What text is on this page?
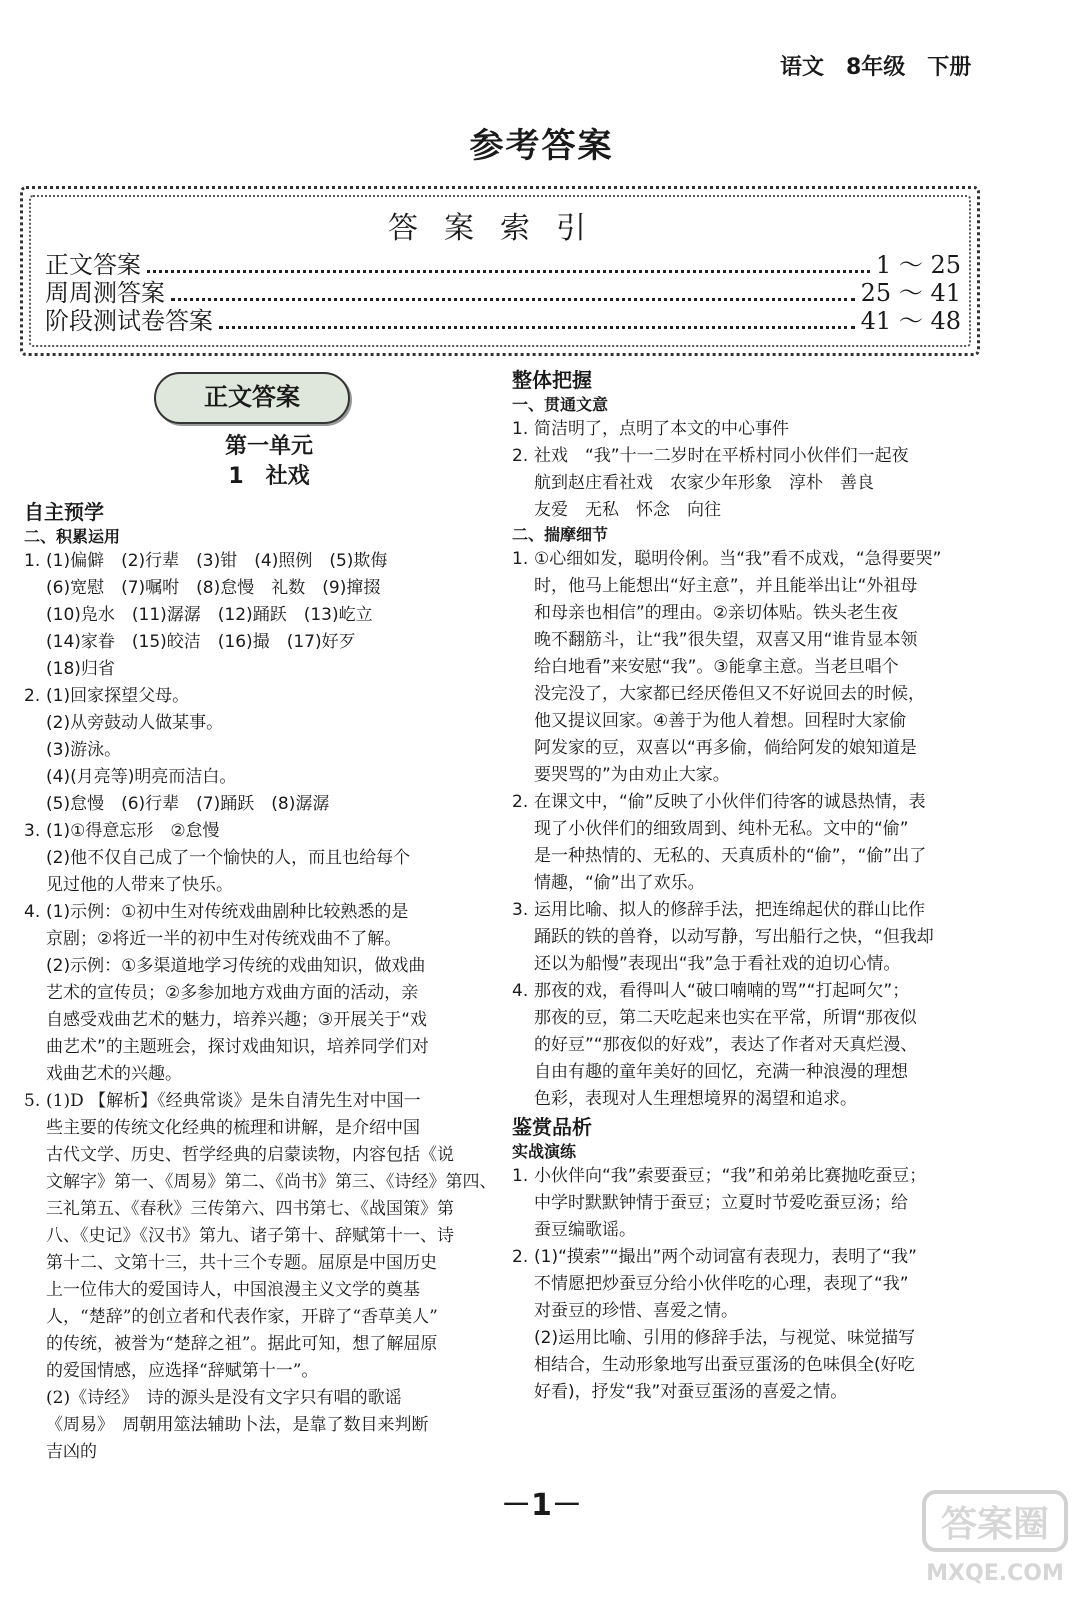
语文　8年级　下册
参考答案
答案索引
正文答案	1 ～ 25
周周测答案	25 ～ 41
阶段测试卷答案	41 ～ 48
正文答案
第一单元
1　社戏
自主预学
二、积累运用
1. (1)偏僻　(2)行辈　(3)钳　(4)照例　(5)欺侮
(6)宽慰　(7)嘱咐　(8)怠慢　礼数　(9)撺掇
(10)凫水　(11)潺潺　(12)踊跃　(13)屹立
(14)家眷　(15)皎洁　(16)撮　(17)好歹
(18)归省
2. (1)回家探望父母。
(2)从旁鼓动人做某事。
(3)游泳。
(4)(月亮等)明亮而洁白。
(5)怠慢　(6)行辈　(7)踊跃　(8)潺潺
3. (1)①得意忘形　②怠慢
(2)他不仅自己成了一个愉快的人，而且也给每个
见过他的人带来了快乐。
4. (1)示例：①初中生对传统戏曲剧种比较熟悉的是
京剧；②将近一半的初中生对传统戏曲不了解。
(2)示例：①多渠道地学习传统的戏曲知识，做戏曲
艺术的宣传员；②多参加地方戏曲方面的活动，亲
自感受戏曲艺术的魅力，培养兴趣；③开展关于“戏
曲艺术”的主题班会，探讨戏曲知识，培养同学们对
戏曲艺术的兴趣。
5. (1)D 【解析】《经典常谈》是朱自清先生对中国一
些主要的传统文化经典的梳理和讲解，是介绍中国
古代文学、历史、哲学经典的启蒙读物，内容包括《说
文解字》第一、《周易》第二、《尚书》第三、《诗经》第四、
三礼第五、《春秋》三传第六、四书第七、《战国策》第
八、《史记》《汉书》第九、诸子第十、辞赋第十一、诗
第十二、文第十三，共十三个专题。屈原是中国历史
上一位伟大的爱国诗人，中国浪漫主义文学的奠基
人，“楚辞”的创立者和代表作家，开辟了“香草美人”
的传统，被誉为“楚辞之祖”。据此可知，想了解屈原
的爱国情感，应选择“辞赋第十一”。
(2)《诗经》　诗的源头是没有文字只有唱的歌谣
《周易》　周朝用筮法辅助卜法，是靠了数目来判断
吉凶的
整体把握
一、贯通文意
1. 简洁明了，点明了本文的中心事件
2. 社戏　“我”十一二岁时在平桥村同小伙伴们一起夜
航到赵庄看社戏　农家少年形象　淳朴　善良
友爱　无私　怀念　向往
二、揣摩细节
1. ①心细如发，聪明伶俐。当“我”看不成戏，“急得要哭”
时，他马上能想出“好主意”，并且能举出让“外祖母
和母亲也相信”的理由。②亲切体贴。铁头老生夜
晚不翻筋斗，让“我”很失望，双喜又用“谁肯显本领
给白地看”来安慰“我”。③能拿主意。当老旦唱个
没完没了，大家都已经厌倦但又不好说回去的时候，
他又提议回家。④善于为他人着想。回程时大家偷
阿发家的豆，双喜以“再多偷，倘给阿发的娘知道是
要哭骂的”为由劝止大家。
2. 在课文中，“偷”反映了小伙伴们待客的诚恳热情，表
现了小伙伴们的细致周到、纯朴无私。文中的“偷”
是一种热情的、无私的、天真质朴的“偷”，“偷”出了
情趣，“偷”出了欢乐。
3. 运用比喻、拟人的修辞手法，把连绵起伏的群山比作
踊跃的铁的兽脊，以动写静，写出船行之快，“但我却
还以为船慢”表现出“我”急于看社戏的迫切心情。
4. 那夜的戏，看得叫人“破口喃喃的骂”“打起呵欠”；
那夜的豆，第二天吃起来也实在平常，所谓“那夜似
的好豆”“那夜似的好戏”，表达了作者对天真烂漫、
自由有趣的童年美好的回忆，充满一种浪漫的理想
色彩，表现对人生理想境界的渴望和追求。
鉴赏品析
实战演练
1. 小伙伴向“我”索要蚕豆；“我”和弟弟比赛抛吃蚕豆；
中学时默默钟情于蚕豆；立夏时节爱吃蚕豆汤；给
蚕豆编歌谣。
2. (1)“摸索”“撮出”两个动词富有表现力，表明了“我”
不情愿把炒蚕豆分给小伙伴吃的心理，表现了“我”
对蚕豆的珍惜、喜爱之情。
(2)运用比喻、引用的修辞手法，与视觉、味觉描写
相结合，生动形象地写出蚕豆蛋汤的色味俱全(好吃
好看)，抒发“我”对蚕豆蛋汤的喜爱之情。
－1－	答案圈
MXQE.COM
